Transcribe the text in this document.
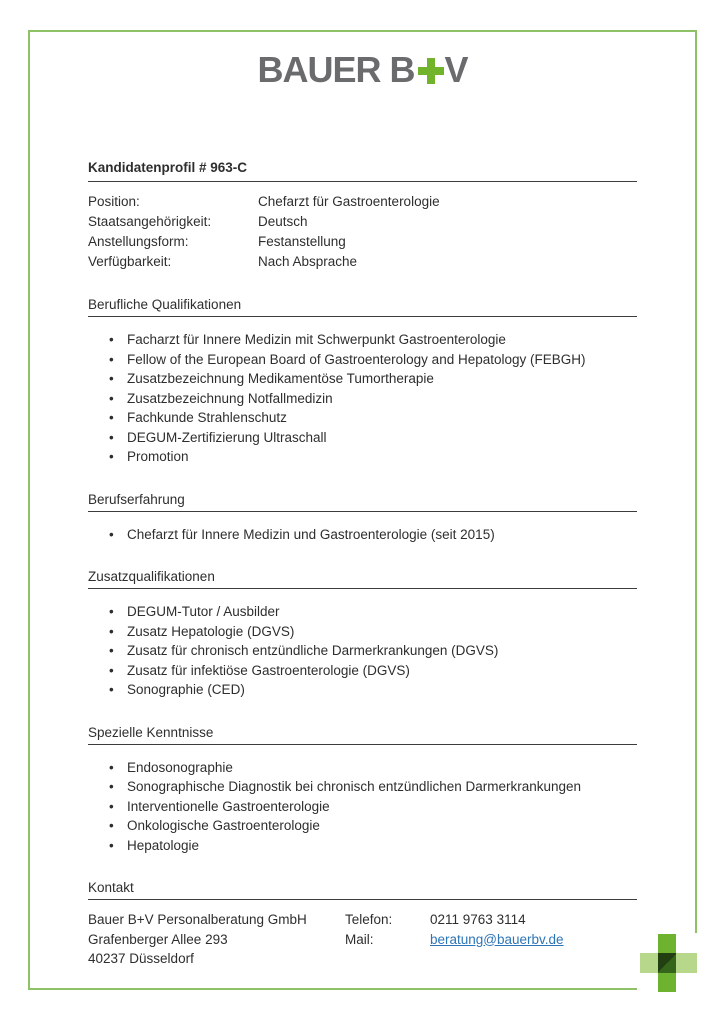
BAUER B V
Kandidatenprofil # 963-C
Position:	Chefarzt für Gastroenterologie
Staatsangehörigkeit:	Deutsch
Anstellungsform:	Festanstellung
Verfügbarkeit:	Nach Absprache
Berufliche Qualifikationen
• Facharzt für Innere Medizin mit Schwerpunkt Gastroenterologie
• Fellow of the European Board of Gastroenterology and Hepatology (FEBGH)
• Zusatzbezeichnung Medikamentöse Tumortherapie
• Zusatzbezeichnung Notfallmedizin
• Fachkunde Strahlenschutz
• DEGUM-Zertifizierung Ultraschall
• Promotion
Berufserfahrung
• Chefarzt für Innere Medizin und Gastroenterologie (seit 2015)
Zusatzqualifikationen
• DEGUM-Tutor / Ausbilder
• Zusatz Hepatologie (DGVS)
• Zusatz für chronisch entzündliche Darmerkrankungen (DGVS)
• Zusatz für infektiöse Gastroenterologie (DGVS)
• Sonographie (CED)
Spezielle Kenntnisse
• Endosonographie
• Sonographische Diagnostik bei chronisch entzündlichen Darmerkrankungen
• Interventionelle Gastroenterologie
• Onkologische Gastroenterologie
• Hepatologie
Kontakt
Bauer B+V Personalberatung GmbH	Telefon:	0211 9763 3114
Grafenberger Allee 293	Mail:	beratung@bauerbv.de
40237 Düsseldorf
